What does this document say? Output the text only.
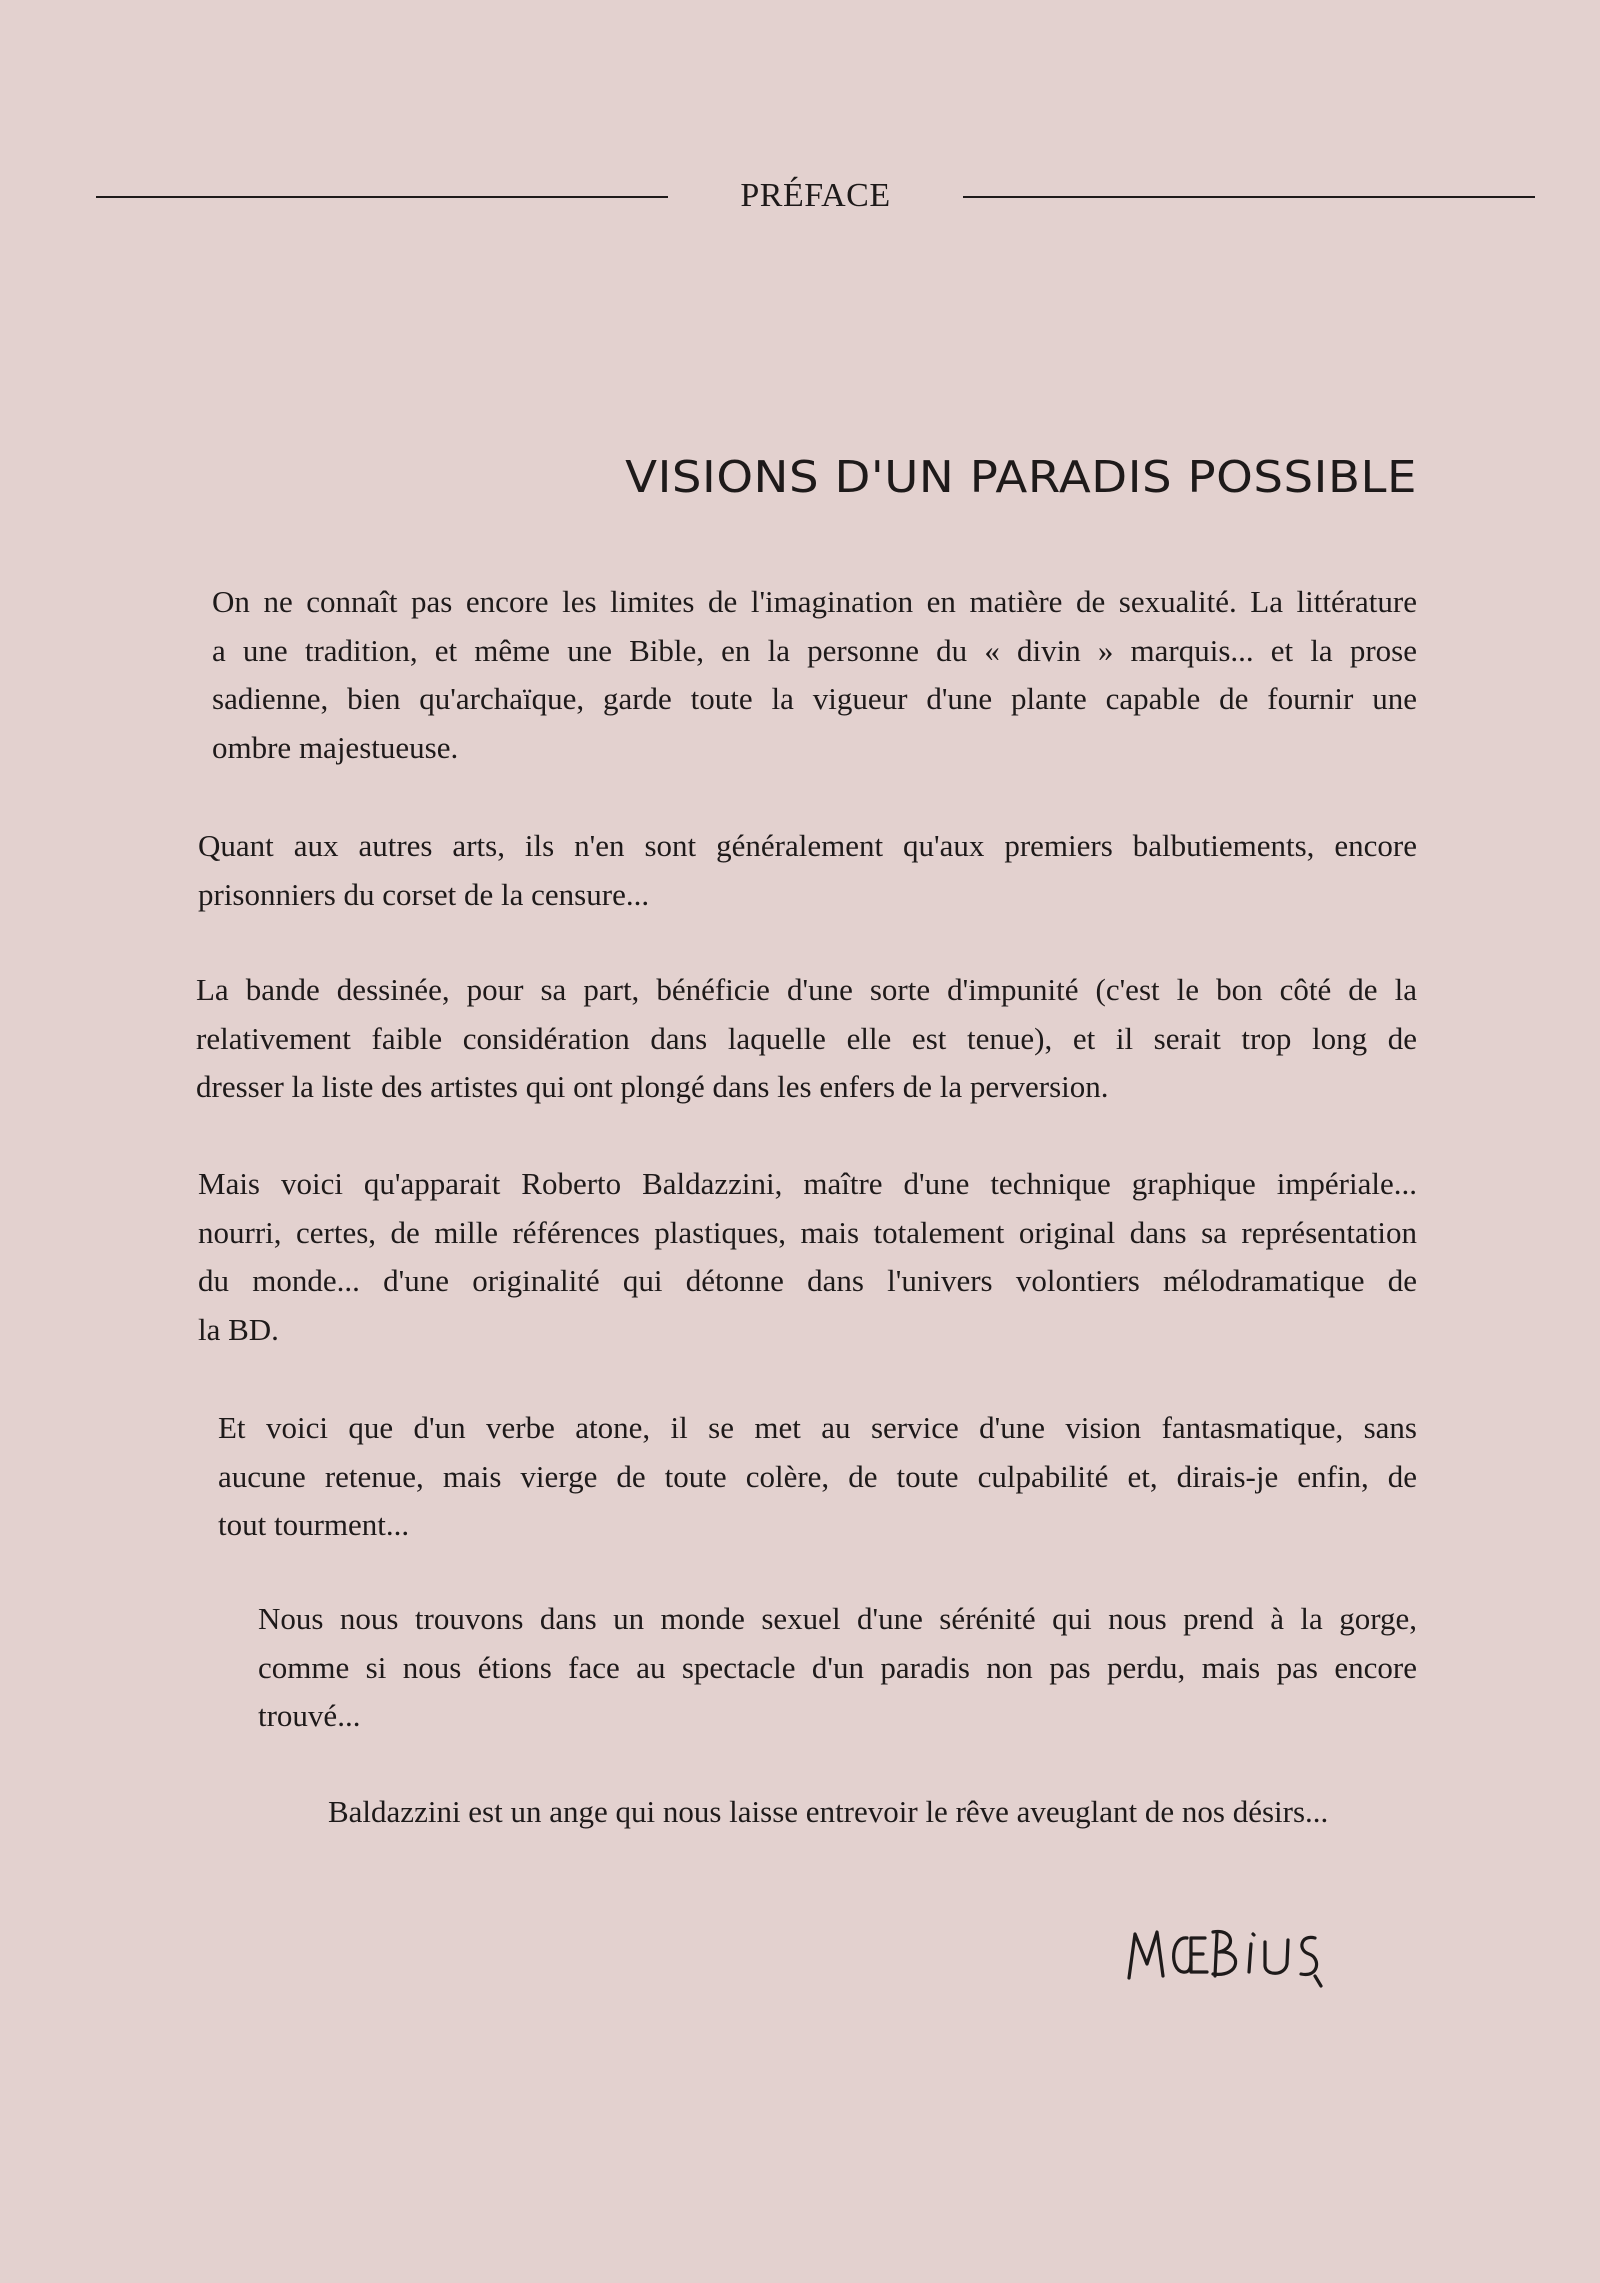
PRÉFACE
VISIONS D'UN PARADIS POSSIBLE
On ne connaît pas encore les limites de l'imagination en matière de sexualité. La littérature
a une tradition, et même une Bible, en la personne du « divin » marquis... et la prose
sadienne, bien qu'archaïque, garde toute la vigueur d'une plante capable de fournir une
ombre majestueuse.
Quant aux autres arts, ils n'en sont généralement qu'aux premiers balbutiements, encore
prisonniers du corset de la censure...
La bande dessinée, pour sa part, bénéficie d'une sorte d'impunité (c'est le bon côté de la
relativement faible considération dans laquelle elle est tenue), et il serait trop long de
dresser la liste des artistes qui ont plongé dans les enfers de la perversion.
Mais voici qu'apparait Roberto Baldazzini, maître d'une technique graphique impériale...
nourri, certes, de mille références plastiques, mais totalement original dans sa représentation
du monde... d'une originalité qui détonne dans l'univers volontiers mélodramatique de
la BD.
Et voici que d'un verbe atone, il se met au service d'une vision fantasmatique, sans
aucune retenue, mais vierge de toute colère, de toute culpabilité et, dirais-je enfin, de
tout tourment...
Nous nous trouvons dans un monde sexuel d'une sérénité qui nous prend à la gorge,
comme si nous étions face au spectacle d'un paradis non pas perdu, mais pas encore
trouvé...
Baldazzini est un ange qui nous laisse entrevoir le rêve aveuglant de nos désirs...
